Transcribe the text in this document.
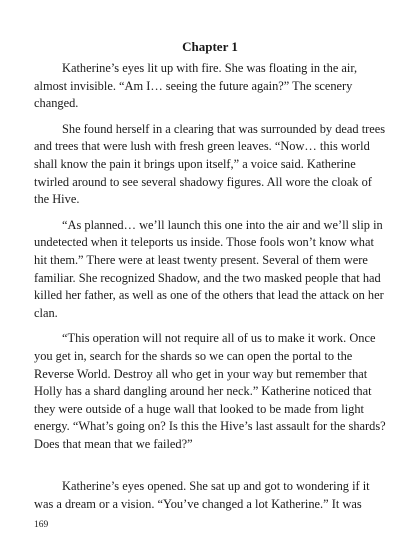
Chapter 1

Katherine’s eyes lit up with fire. She was floating in the air, almost invisible. “Am I… seeing the future again?” The scenery changed.

She found herself in a clearing that was surrounded by dead trees and trees that were lush with fresh green leaves. “Now… this world shall know the pain it brings upon itself,” a voice said. Katherine twirled around to see several shadowy figures. All wore the cloak of the Hive.

“As planned… we’ll launch this one into the air and we’ll slip in undetected when it teleports us inside. Those fools won’t know what hit them.” There were at least twenty present. Several of them were familiar. She recognized Shadow, and the two masked people that had killed her father, as well as one of the others that lead the attack on her clan.

“This operation will not require all of us to make it work. Once you get in, search for the shards so we can open the portal to the Reverse World. Destroy all who get in your way but remember that Holly has a shard dangling around her neck.” Katherine noticed that they were outside of a huge wall that looked to be made from light energy. “What’s going on? Is this the Hive’s last assault for the shards? Does that mean that we failed?”

Katherine’s eyes opened. She sat up and got to wondering if it was a dream or a vision. “You’ve changed a lot Katherine.” It was

169
